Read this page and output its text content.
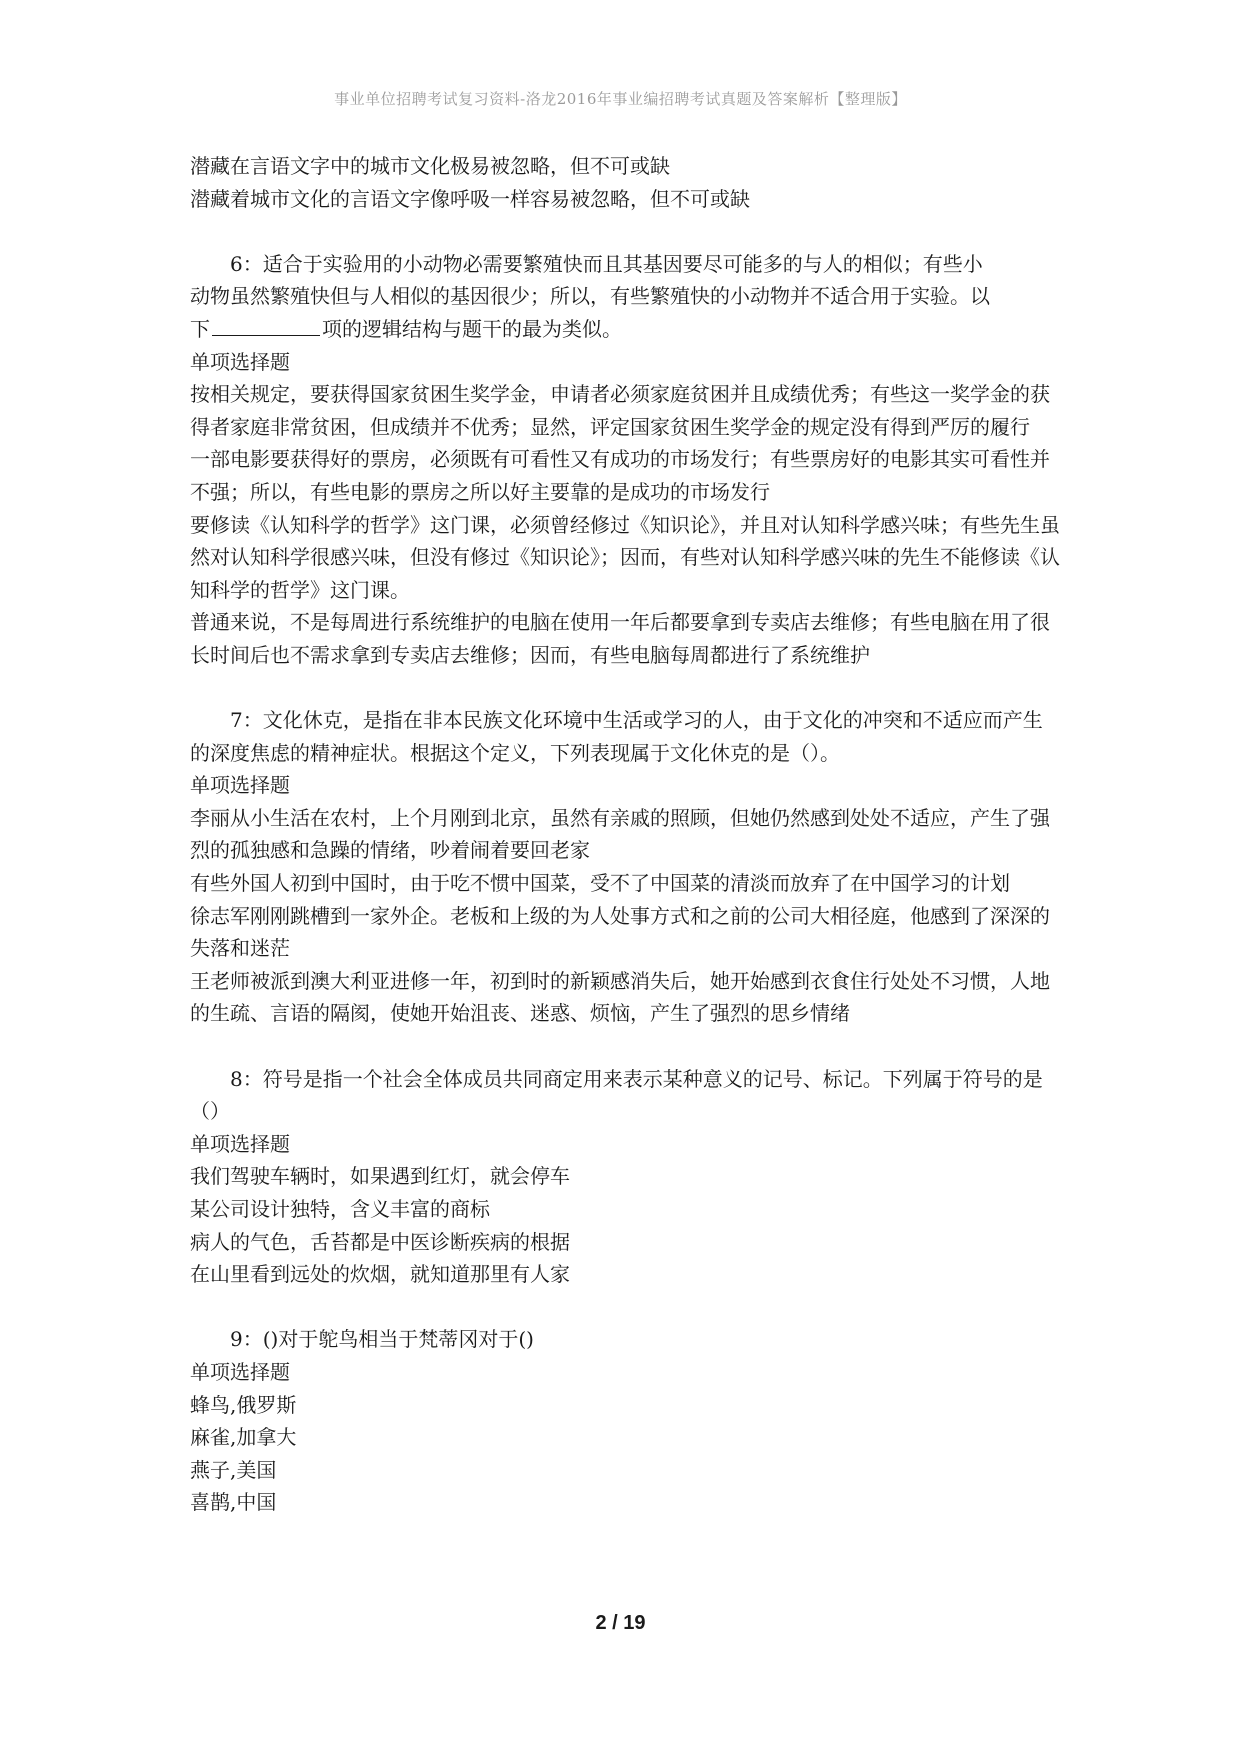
事业单位招聘考试复习资料-洛龙2016年事业编招聘考试真题及答案解析【整理版】
潜藏在言语文字中的城市文化极易被忽略，但不可或缺
潜藏着城市文化的言语文字像呼吸一样容易被忽略，但不可或缺
6：适合于实验用的小动物必需要繁殖快而且其基因要尽可能多的与人的相似；有些小
动物虽然繁殖快但与人相似的基因很少；所以，有些繁殖快的小动物并不适合用于实验。以
下	项的逻辑结构与题干的最为类似。
单项选择题
按相关规定，要获得国家贫困生奖学金，申请者必须家庭贫困并且成绩优秀；有些这一奖学金的获得者家庭非常贫困，但成绩并不优秀；显然，评定国家贫困生奖学金的规定没有得到严厉的履行
一部电影要获得好的票房，必须既有可看性又有成功的市场发行；有些票房好的电影其实可看性并不强；所以，有些电影的票房之所以好主要靠的是成功的市场发行
要修读《认知科学的哲学》这门课，必须曾经修过《知识论》，并且对认知科学感兴味；有些先生虽然对认知科学很感兴味，但没有修过《知识论》；因而，有些对认知科学感兴味的先生不能修读《认知科学的哲学》这门课。
普通来说，不是每周进行系统维护的电脑在使用一年后都要拿到专卖店去维修；有些电脑在用了很长时间后也不需求拿到专卖店去维修；因而，有些电脑每周都进行了系统维护
7：文化休克，是指在非本民族文化环境中生活或学习的人，由于文化的冲突和不适应而产生的深度焦虑的精神症状。根据这个定义，下列表现属于文化休克的是（）。
单项选择题
李丽从小生活在农村，上个月刚到北京，虽然有亲戚的照顾，但她仍然感到处处不适应，产生了强烈的孤独感和急躁的情绪，吵着闹着要回老家
有些外国人初到中国时，由于吃不惯中国菜，受不了中国菜的清淡而放弃了在中国学习的计划
徐志军刚刚跳槽到一家外企。老板和上级的为人处事方式和之前的公司大相径庭，他感到了深深的失落和迷茫
王老师被派到澳大利亚进修一年，初到时的新颖感消失后，她开始感到衣食住行处处不习惯，人地的生疏、言语的隔阂，使她开始沮丧、迷惑、烦恼，产生了强烈的思乡情绪
8：符号是指一个社会全体成员共同商定用来表示某种意义的记号、标记。下列属于符号的是（）
单项选择题
我们驾驶车辆时，如果遇到红灯，就会停车
某公司设计独特，含义丰富的商标
病人的气色，舌苔都是中医诊断疾病的根据
在山里看到远处的炊烟，就知道那里有人家
9：()对于鸵鸟相当于梵蒂冈对于()
单项选择题
蜂鸟,俄罗斯
麻雀,加拿大
燕子,美国
喜鹊,中国
2 / 19
